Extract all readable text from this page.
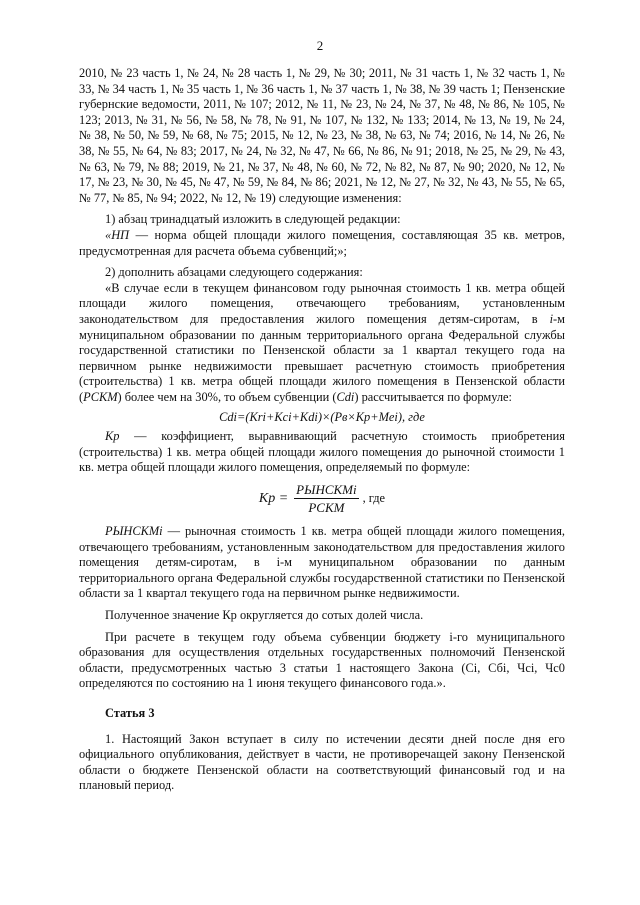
2

2010, № 23 часть 1, № 24, № 28 часть 1, № 29, № 30; 2011, № 31 часть 1, № 32 часть 1, № 33, № 34 часть 1, № 35 часть 1, № 36 часть 1, № 37 часть 1, № 38, № 39 часть 1; Пензенские губернские ведомости, 2011, № 107; 2012, № 11, № 23, № 24, № 37, № 48, № 86, № 105, № 123; 2013, № 31, № 56, № 58, № 78, № 91, № 107, № 132, № 133; 2014, № 13, № 19, № 24, № 38, № 50, № 59, № 68, № 75; 2015, № 12, № 23, № 38, № 63, № 74; 2016, № 14, № 26, № 38, № 55, № 64, № 83; 2017, № 24, № 32, № 47, № 66, № 86, № 91; 2018, № 25, № 29, № 43, № 63, № 79, № 88; 2019, № 21, № 37, № 48, № 60, № 72, № 82, № 87, № 90; 2020, № 12, № 17, № 23, № 30, № 45, № 47, № 59, № 84, № 86; 2021, № 12, № 27, № 32, № 43, № 55, № 65, № 77, № 85, № 94; 2022, № 12, № 19) следующие изменения:

1) абзац тринадцатый изложить в следующей редакции:

«НП — норма общей площади жилого помещения, составляющая 35 кв. метров, предусмотренная для расчета объема субвенций;»;

2) дополнить абзацами следующего содержания:

«В случае если в текущем финансовом году рыночная стоимость 1 кв. метра общей площади жилого помещения, отвечающего требованиям, установленным законодательством для предоставления жилого помещения детям-сиротам, в i-м муниципальном образовании по данным территориального органа Федеральной службы государственной статистики по Пензенской области за 1 квартал текущего года на первичном рынке недвижимости превышает расчетную стоимость приобретения (строительства) 1 кв. метра общей площади жилого помещения в Пензенской области (РСКМ) более чем на 30%, то объем субвенции (Cdi) рассчитывается по формуле:

Cdi=(Kri+Kci+Kdi)×(Pв×Kp+Mei), где

Кр — коэффициент, выравнивающий расчетную стоимость приобретения (строительства) 1 кв. метра общей площади жилого помещения до рыночной стоимости 1 кв. метра общей площади жилого помещения, определяемый по формуле:

Кр = $\frac{\text{РЫНСКМi}}{\text{РСКМ}}$ , где

РЫНСКМi — рыночная стоимость 1 кв. метра общей площади жилого помещения, отвечающего требованиям, установленным законодательством для предоставления жилого помещения детям-сиротам, в i-м муниципальном образовании по данным территориального органа Федеральной службы государственной статистики по Пензенской области за 1 квартал текущего года на первичном рынке недвижимости.

Полученное значение Кр округляется до сотых долей числа.

При расчете в текущем году объема субвенции бюджету i-го муниципального образования для осуществления отдельных государственных полномочий Пензенской области, предусмотренных частью 3 статьи 1 настоящего Закона (Ci, Сбi, Чci, Чc0 определяются по состоянию на 1 июня текущего финансового года.».

Статья 3

1. Настоящий Закон вступает в силу по истечении десяти дней после дня его официального опубликования, действует в части, не противоречащей закону Пензенской области о бюджете Пензенской области на соответствующий финансовый год и на плановый период.
